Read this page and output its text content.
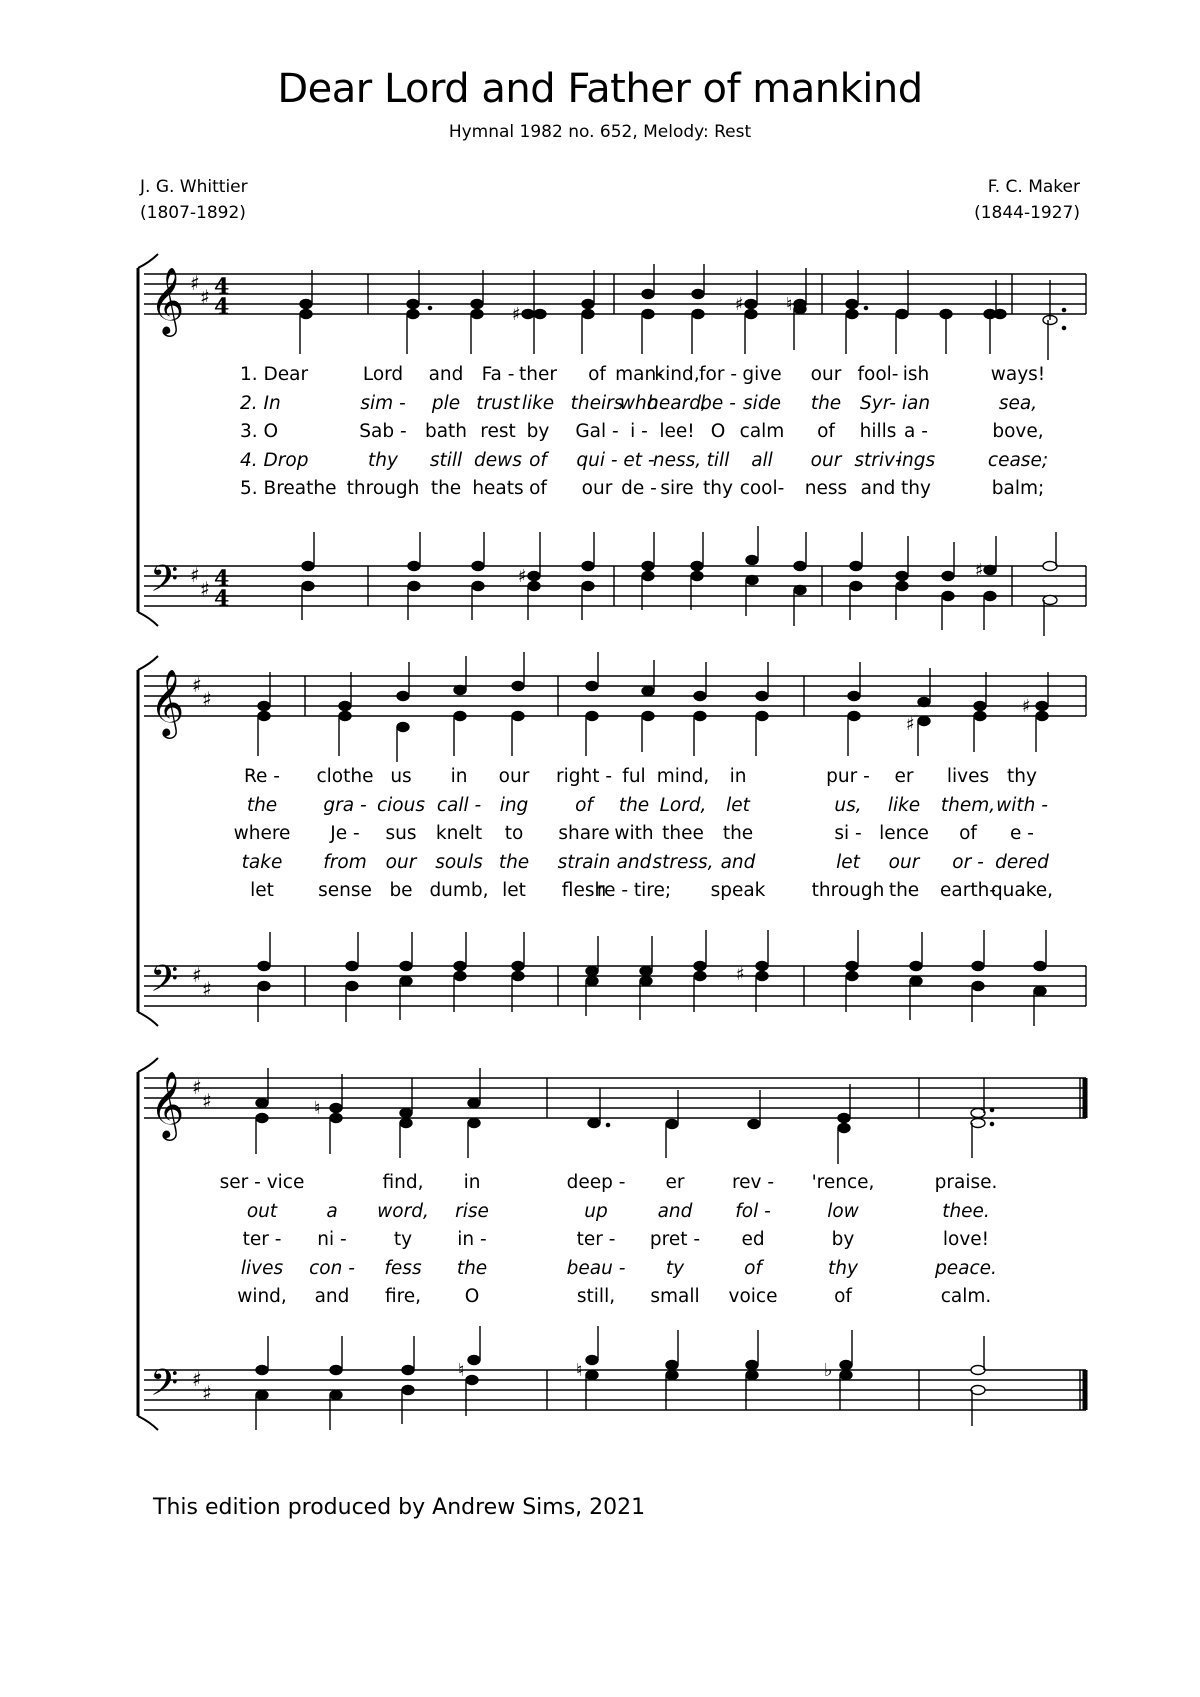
Dear Lord and Father of mankind
Hymnal 1982 no. 652, Melody: Rest
J. G. Whittier
(1807-1892)
F. C. Maker
(1844-1927)
𝄞
𝄢
♯
♯
♯
♯
4
4
4
4
♯	♯ ♮
♯	♯
1. Dear	Lord and Fa - ther of man-
kind, for - give our fool- ish	ways!
2. In	sim - ple trust like theirs
who
heard,
be - side the Syr- ian	sea,
3. O	Sab - bath rest by Gal - i - lee! O calm of hills a -	bove,
4. Drop	thy still dews of qui - et -
ness, till all our striv-
ings	cease;
5. Breathe through the heats of our de - sire thy cool- ness and thy	balm;
𝄞
𝄢
♯
♯
♯
♯
♯
♯
♯
Re - clothe us in our right - ful mind, in	pur - er lives thy
the gra - cious call - ing	of the Lord, let	us, like them, with -
where Je - sus knelt to share with thee the	si - lence of e -
take from our souls the strain and stress, and	let our or - dered
let sense be dumb, let flesh
re - tire; speak through the earth-
quake,
𝄞
𝄢
♯
♯
♯
♯
♮
♮	♮	♭
ser - vice	find, in	deep - er	rev - 'rence,	praise.
out	a word, rise	up	and fol -	low	thee.
ter - ni -	ty in -	ter - pret - ed	by	love!
lives con - fess the	beau - ty	of	thy	peace.
wind, and fire, O	still, small voice	of	calm.
This edition produced by Andrew Sims, 2021
